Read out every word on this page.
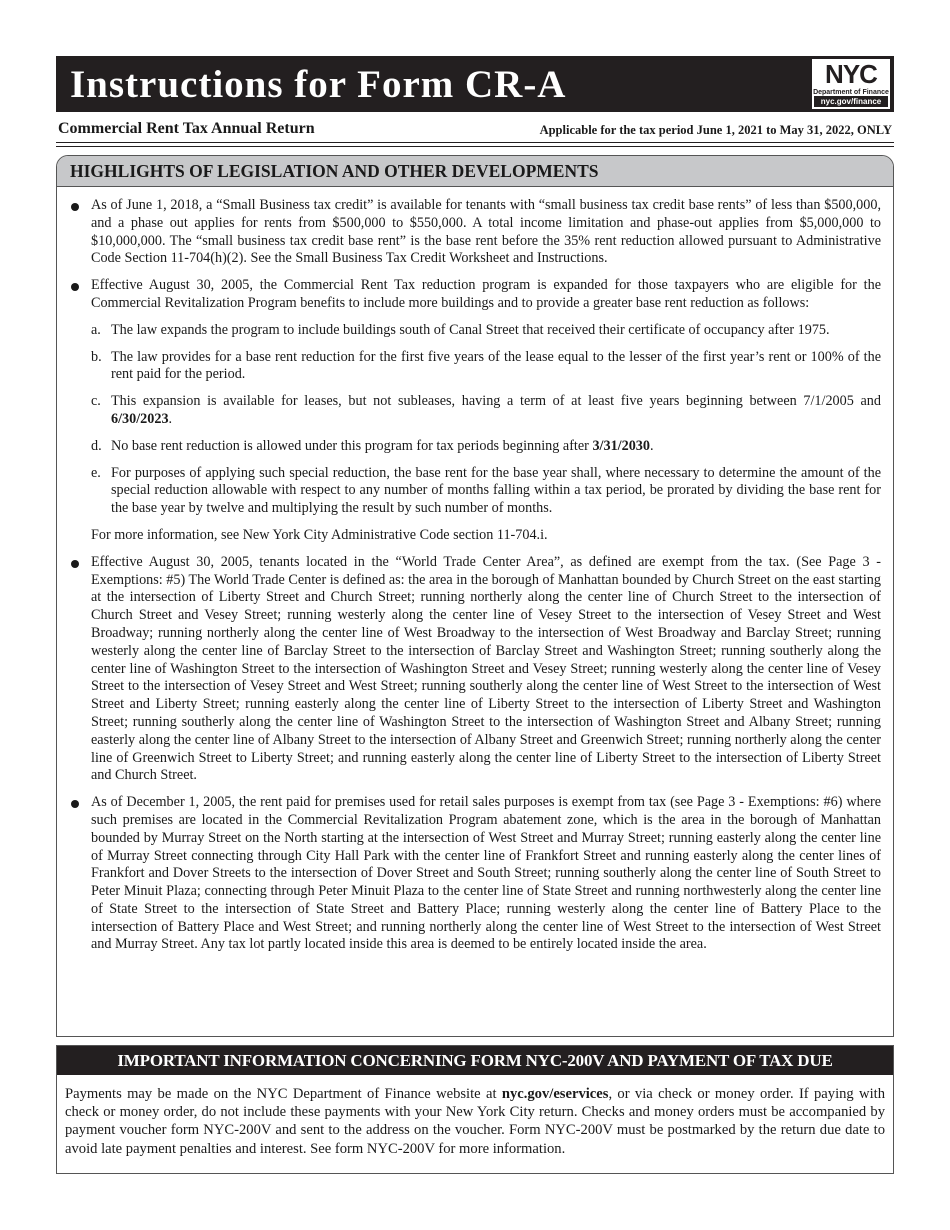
Instructions for Form CR-A	NYC
Department of Finance
nyc.gov/finance
Commercial Rent Tax Annual Return	Applicable for the tax period June 1, 2021 to May 31, 2022, ONLY
HIGHLIGHTS OF LEGISLATION AND OTHER DEVELOPMENTS
As of June 1, 2018, a “Small Business tax credit” is available for tenants with “small business tax credit base rents” of less than $500,000, and a phase out applies for rents from $500,000 to $550,000. A total income limitation and phase-out applies from $5,000,000 to $10,000,000. The “small business tax credit base rent” is the base rent before the 35% rent reduction allowed pursuant to Administrative Code Section 11-704(h)(2). See the Small Business Tax Credit Worksheet and Instructions.
Effective August 30, 2005, the Commercial Rent Tax reduction program is expanded for those taxpayers who are eligible for the Commercial Revitalization Program benefits to include more buildings and to provide a greater base rent reduction as follows:
a. The law expands the program to include buildings south of Canal Street that received their certificate of occupancy after 1975.
b. The law provides for a base rent reduction for the first five years of the lease equal to the lesser of the first year’s rent or 100% of the rent paid for the period.
c. This expansion is available for leases, but not subleases, having a term of at least five years beginning between 7/1/2005 and 6/30/2023.
d. No base rent reduction is allowed under this program for tax periods beginning after 3/31/2030.
e. For purposes of applying such special reduction, the base rent for the base year shall, where necessary to determine the amount of the special reduction allowable with respect to any number of months falling within a tax period, be prorated by dividing the base rent for the base year by twelve and multiplying the result by such number of months.
For more information, see New York City Administrative Code section 11-704.i.
Effective August 30, 2005, tenants located in the “World Trade Center Area”, as defined are exempt from the tax. (See Page 3 - Exemptions: #5) The World Trade Center is defined as: the area in the borough of Manhattan bounded by Church Street on the east starting at the intersection of Liberty Street and Church Street; running northerly along the center line of Church Street to the intersection of Church Street and Vesey Street; running westerly along the center line of Vesey Street to the intersection of Vesey Street and West Broadway; running northerly along the center line of West Broadway to the intersection of West Broadway and Barclay Street; running westerly along the center line of Barclay Street to the intersection of Barclay Street and Washington Street; running southerly along the center line of Washington Street to the intersection of Washington Street and Vesey Street; running westerly along the center line of Vesey Street to the intersection of Vesey Street and West Street; running southerly along the center line of West Street to the intersection of West Street and Liberty Street; running easterly along the center line of Liberty Street to the intersection of Liberty Street and Washington Street; running southerly along the center line of Washington Street to the intersection of Washington Street and Albany Street; running easterly along the center line of Albany Street to the intersection of Albany Street and Greenwich Street; running northerly along the center line of Greenwich Street to Liberty Street; and running easterly along the center line of Liberty Street to the intersection of Liberty Street and Church Street.
As of December 1, 2005, the rent paid for premises used for retail sales purposes is exempt from tax (see Page 3 - Exemptions: #6) where such premises are located in the Commercial Revitalization Program abatement zone, which is the area in the borough of Manhattan bounded by Murray Street on the North starting at the intersection of West Street and Murray Street; running easterly along the center line of Murray Street connecting through City Hall Park with the center line of Frankfort Street and running easterly along the center lines of Frankfort and Dover Streets to the intersection of Dover Street and South Street; running southerly along the center line of South Street to Peter Minuit Plaza; connecting through Peter Minuit Plaza to the center line of State Street and running northwesterly along the center line of State Street to the intersection of State Street and Battery Place; running westerly along the center line of Battery Place to the intersection of Battery Place and West Street; and running northerly along the center line of West Street to the intersection of West Street and Murray Street. Any tax lot partly located inside this area is deemed to be entirely located inside the area.
IMPORTANT INFORMATION CONCERNING FORM NYC-200V AND PAYMENT OF TAX DUE
Payments may be made on the NYC Department of Finance website at nyc.gov/eservices, or via check or money order. If paying with check or money order, do not include these payments with your New York City return. Checks and money orders must be accompanied by payment voucher form NYC-200V and sent to the address on the voucher. Form NYC-200V must be postmarked by the return due date to avoid late payment penalties and interest. See form NYC-200V for more information.
